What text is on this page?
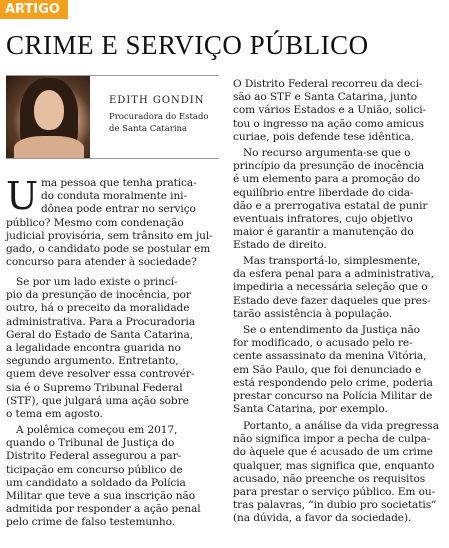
ARTIGO
CRIME E SERVIÇO PÚBLICO
EDITH GONDIN
Procuradora do Estado
de Santa Catarina
U ma pessoa que tenha pratica-
do conduta moralmente ini-
dônea pode entrar no serviço
público? Mesmo com condenação
judicial provisória, sem trânsito em jul-
gado, o candidato pode se postular em
concurso para atender à sociedade?
Se por um lado existe o princí-
pio da presunção de inocência, por
outro, há o preceito da moralidade
administrativa. Para a Procuradoria
Geral do Estado de Santa Catarina,
a legalidade encontra guarida no
segundo argumento. Entretanto,
quem deve resolver essa controvér-
sia é o Supremo Tribunal Federal
(STF), que julgará uma ação sobre
o tema em agosto.
A polêmica começou em 2017,
quando o Tribunal de Justiça do
Distrito Federal assegurou a par-
ticipação em concurso público de
um candidato a soldado da Polícia
Militar que teve a sua inscrição não
admitida por responder a ação penal
pelo crime de falso testemunho.
O Distrito Federal recorreu da deci-
são ao STF e Santa Catarina, junto
com vários Estados e a União, solici-
tou o ingresso na ação como amicus
curiae, pois defende tese idêntica.
No recurso argumenta-se que o
princípio da presunção de inocência
é um elemento para a promoção do
equilíbrio entre liberdade do cida-
dão e a prerrogativa estatal de punir
eventuais infratores, cujo objetivo
maior é garantir a manutenção do
Estado de direito.
Mas transportá-lo, simplesmente,
da esfera penal para a administrativa,
impediria a necessária seleção que o
Estado deve fazer daqueles que pres-
tarão assistência à população.
Se o entendimento da Justiça não
for modificado, o acusado pelo re-
cente assassinato da menina Vitória,
em São Paulo, que foi denunciado e
está respondendo pelo crime, poderia
prestar concurso na Polícia Militar de
Santa Catarina, por exemplo.
Portanto, a análise da vida pregressa
não significa impor a pecha de culpa-
do àquele que é acusado de um crime
qualquer, mas significa que, enquanto
acusado, não preenche os requisitos
para prestar o serviço público. Em ou-
tras palavras, “in dubio pro societatis”
(na dúvida, a favor da sociedade).
